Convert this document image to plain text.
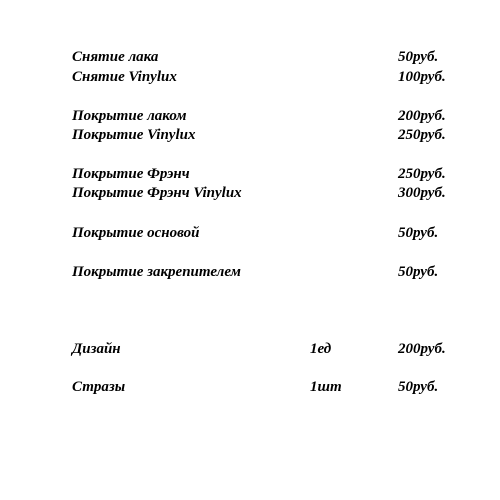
Снятие лака	50руб.
Снятие Vinylux	100руб.
Покрытие лаком	200руб.
Покрытие Vinylux	250руб.
Покрытие Фрэнч	250руб.
Покрытие Фрэнч Vinylux	300руб.
Покрытие основой	50руб.
Покрытие закрепителем	50руб.
Дизайн	1ед	200руб.
Стразы	1шт	50руб.
